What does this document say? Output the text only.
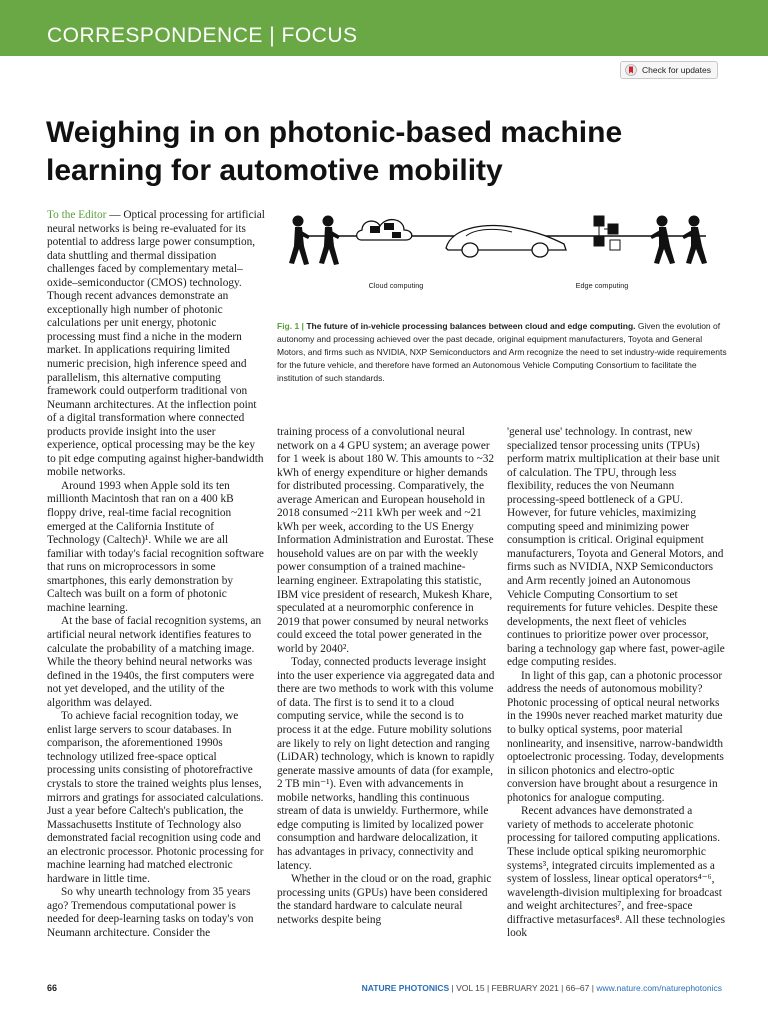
CORRESPONDENCE | FOCUS
Check for updates
Weighing in on photonic-based machine learning for automotive mobility

To the Editor — Optical processing for artificial neural networks is being re-evaluated for its potential to address large power consumption, data shuttling and thermal dissipation challenges faced by complementary metal–oxide–semiconductor (CMOS) technology. Though recent advances demonstrate an exceptionally high number of photonic calculations per unit energy, photonic processing must find a niche in the modern market. In applications requiring limited numeric precision, high inference speed and parallelism, this alternative computing framework could outperform traditional von Neumann architectures. At the inflection point of a digital transformation where connected products provide insight into the user experience, optical processing may be the key to pit edge computing against higher-bandwidth mobile networks.

Around 1993 when Apple sold its ten millionth Macintosh that ran on a 400 kB floppy drive, real-time facial recognition emerged at the California Institute of Technology (Caltech)¹. While we are all familiar with today's facial recognition software that runs on microprocessors in some smartphones, this early demonstration by Caltech was built on a form of photonic machine learning.

At the base of facial recognition systems, an artificial neural network identifies features to calculate the probability of a matching image. While the theory behind neural networks was defined in the 1940s, the first computers were not yet developed, and the utility of the algorithm was delayed.

To achieve facial recognition today, we enlist large servers to scour databases. In comparison, the aforementioned 1990s technology utilized free-space optical processing units consisting of photorefractive crystals to store the trained weights plus lenses, mirrors and gratings for associated calculations. Just a year before Caltech's publication, the Massachusetts Institute of Technology also demonstrated facial recognition using code and an electronic processor. Photonic processing for machine learning had matched electronic hardware in little time.

So why unearth technology from 35 years ago? Tremendous computational power is needed for deep-learning tasks on today's von Neumann architecture. Consider the

Cloud computing	Edge computing
Fig. 1 | The future of in-vehicle processing balances between cloud and edge computing. Given the evolution of autonomy and processing achieved over the past decade, original equipment manufacturers, Toyota and General Motors, and firms such as NVIDIA, NXP Semiconductors and Arm recognize the need to set industry-wide requirements for the future vehicle, and therefore have formed an Autonomous Vehicle Computing Consortium to facilitate the institution of such standards.

training process of a convolutional neural network on a 4 GPU system; an average power for 1 week is about 180 W. This amounts to ~32 kWh of energy expenditure or higher demands for distributed processing. Comparatively, the average American and European household in 2018 consumed ~211 kWh per week and ~21 kWh per week, according to the US Energy Information Administration and Eurostat. These household values are on par with the weekly power consumption of a trained machine-learning engineer. Extrapolating this statistic, IBM vice president of research, Mukesh Khare, speculated at a neuromorphic conference in 2019 that power consumed by neural networks could exceed the total power generated in the world by 2040².

Today, connected products leverage insight into the user experience via aggregated data and there are two methods to work with this volume of data. The first is to send it to a cloud computing service, while the second is to process it at the edge. Future mobility solutions are likely to rely on light detection and ranging (LiDAR) technology, which is known to rapidly generate massive amounts of data (for example, 2 TB min⁻¹). Even with advancements in mobile networks, handling this continuous stream of data is unwieldy. Furthermore, while edge computing is limited by localized power consumption and hardware delocalization, it has advantages in privacy, connectivity and latency.

Whether in the cloud or on the road, graphic processing units (GPUs) have been considered the standard hardware to calculate neural networks despite being

'general use' technology. In contrast, new specialized tensor processing units (TPUs) perform matrix multiplication at their base unit of calculation. The TPU, through less flexibility, reduces the von Neumann processing-speed bottleneck of a GPU. However, for future vehicles, maximizing computing speed and minimizing power consumption is critical. Original equipment manufacturers, Toyota and General Motors, and firms such as NVIDIA, NXP Semiconductors and Arm recently joined an Autonomous Vehicle Computing Consortium to set requirements for future vehicles. Despite these developments, the next fleet of vehicles continues to prioritize power over processor, baring a technology gap where fast, power-agile edge computing resides.

In light of this gap, can a photonic processor address the needs of autonomous mobility? Photonic processing of optical neural networks in the 1990s never reached market maturity due to bulky optical systems, poor material nonlinearity, and insensitive, narrow-bandwidth optoelectronic processing. Today, developments in silicon photonics and electro-optic conversion have brought about a resurgence in photonics for analogue computing.

Recent advances have demonstrated a variety of methods to accelerate photonic processing for tailored computing applications. These include optical spiking neuromorphic systems³, integrated circuits implemented as a system of lossless, linear optical operators⁴⁻⁶, wavelength-division multiplexing for broadcast and weight architectures⁷, and free-space diffractive metasurfaces⁸. All these technologies look

66	NATURE PHOTONICS | VOL 15 | FEBRUARY 2021 | 66–67 | www.nature.com/naturephotonics
